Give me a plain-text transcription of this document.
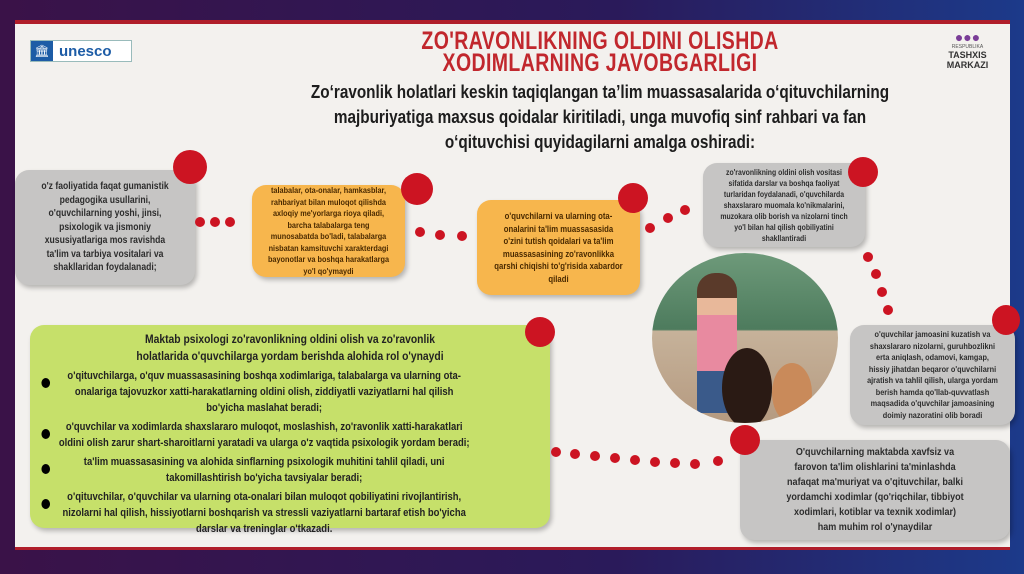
🏛 unesco
●●●
RESPUBLIKA
TASHXIS
MARKAZI
ZO'RAVONLIKNING OLDINI OLISHDA
XODIMLARNING JAVOBGARLIGI
Zo‘ravonlik holatlari keskin taqiqlangan ta’lim muassasalarida o‘qituvchilarning majburiyatiga maxsus qoidalar kiritiladi, unga muvofiq sinf rahbari va fan o‘qituvchisi quyidagilarni amalga oshiradi:
o'z faoliyatida faqat gumanistik pedagogika usullarini, o'quvchilarning yoshi, jinsi, psixologik va jismoniy xususiyatlariga mos ravishda ta'lim va tarbiya vositalari va shakllaridan foydalanadi;
talabalar, ota-onalar, hamkasblar, rahbariyat bilan muloqot qilishda axloqiy me'yorlarga rioya qiladi, barcha talabalarga teng munosabatda bo'ladi, talabalarga nisbatan kamsituvchi xarakterdagi bayonotlar va boshqa harakatlarga yo'l qo'ymaydi
o'quvchilarni va ularning ota-onalarini ta'lim muassasasida o'zini tutish qoidalari va ta'lim muassasasining zo'ravonlikka qarshi chiqishi to'g'risida xabardor qiladi
zo'ravonlikning oldini olish vositasi sifatida darslar va boshqa faoliyat turlaridan foydalanadi, o'quvchilarda shaxslararo muomala ko'nikmalarini, muzokara olib borish va nizolarni tinch yo'l bilan hal qilish qobiliyatini shakllantiradi
o'quvchilar jamoasini kuzatish va shaxslararo nizolarni, guruhbozlikni erta aniqlash, odamovi, kamgap, hissiy jihatdan beqaror o'quvchilarni ajratish va tahlil qilish, ularga yordam berish hamda qo'llab-quvvatlash maqsadida o'quvchilar jamoasining doimiy nazoratini olib boradi
O'quvchilarning maktabda xavfsiz va farovon ta'lim olishlarini ta'minlashda nafaqat ma'muriyat va o'qituvchilar, balki yordamchi xodimlar (qo'riqchilar, tibbiyot xodimlari, kotiblar va texnik xodimlar) ham muhim rol o'ynaydilar
Maktab psixologi zo'ravonlikning oldini olish va zo'ravonlik holatlarida o'quvchilarga yordam berishda alohida rol o'ynaydi
o'qituvchilarga, o'quv muassasasining boshqa xodimlariga, talabalarga va ularning ota-onalariga tajovuzkor xatti-harakatlarning oldini olish, ziddiyatli vaziyatlarni hal qilish bo'yicha maslahat beradi;
o'quvchilar va xodimlarda shaxslararo muloqot, moslashish, zo'ravonlik xatti-harakatlari oldini olish zarur shart-sharoitlarni yaratadi va ularga o'z vaqtida psixologik yordam beradi;
ta'lim muassasasining va alohida sinflarning psixologik muhitini tahlil qiladi, uni takomillashtirish bo'yicha tavsiyalar beradi;
o'qituvchilar, o'quvchilar va ularning ota-onalari bilan muloqot qobiliyatini rivojlantirish, nizolarni hal qilish, hissiyotlarni boshqarish va stressli vaziyatlarni bartaraf etish bo'yicha darslar va treninglar o'tkazadi.
